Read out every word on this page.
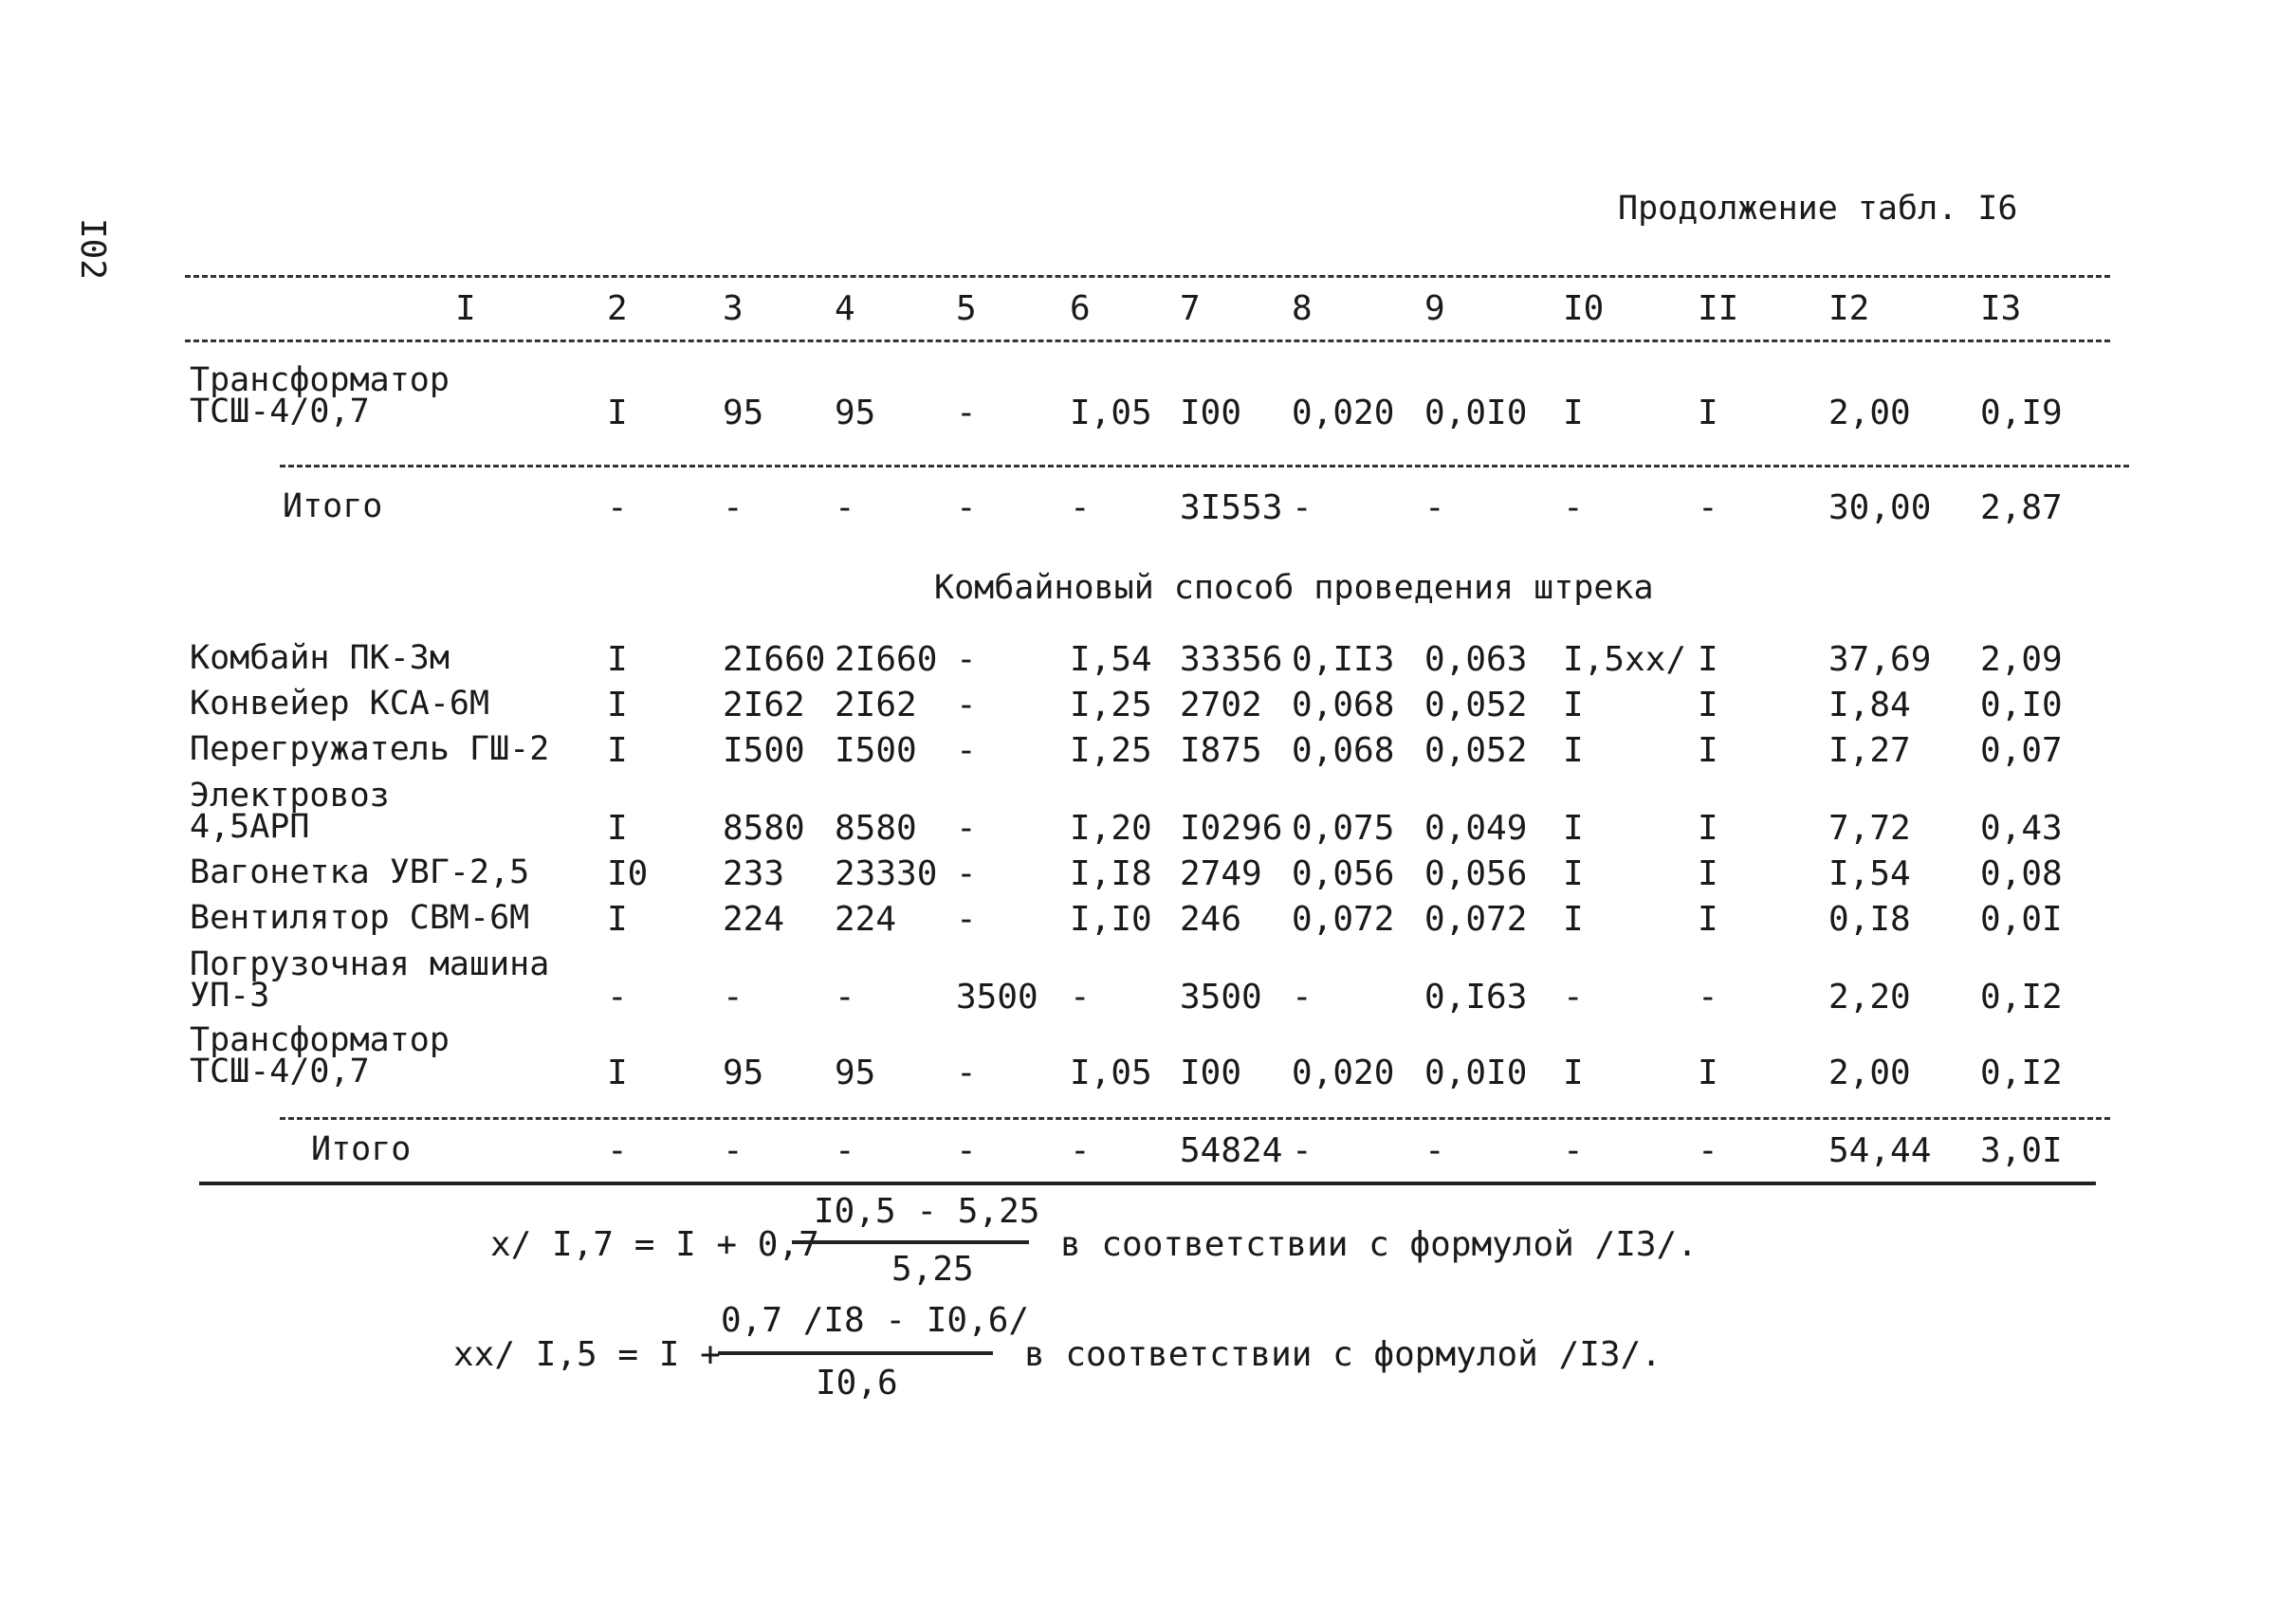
I02
Продолжение табл. I6
I	2	3	4	5	6	7	8	9	I0	II	I2	I3
Трансформатор
ТСШ-4/0,7	I	95 95 -	I,05 I00 0,020 0,0I0 I	I	2,00 0,I9
Итого	-	-	-	-	-	3I553 -	-	-	-	30,00 2,87
Комбайновый способ проведения штрека
Комбайн ПК-3м	I	2I660 2I660 -	I,54 33356 0,II3 0,063 I,5хх/ I	37,69 2,09
Конвейер КСА-6М	I	2I62 2I62 -	I,25 2702 0,068 0,052 I	I	I,84 0,I0
Перегружатель ГШ-2 I	I500 I500 -	I,25 I875 0,068 0,052 I	I	I,27 0,07
Электровоз
4,5АРП	I	8580 8580 -	I,20 I0296 0,075 0,049 I	I	7,72 0,43
Вагонетка УВГ-2,5 I0 233 23330 -	I,I8 2749 0,056 0,056 I	I	I,54 0,08
Вентилятор СВМ-6М I	224 224 -	I,I0 246 0,072 0,072 I	I	0,I8 0,0I
Погрузочная машина
УП-3	-	-	-	3500 -	3500 -	0,I63 -	-	2,20 0,I2
Трансформатор
ТСШ-4/0,7	I	95 95 -	I,05 I00 0,020 0,0I0 I	I	2,00 0,I2
Итого	-	-	-	-	-	54824 -	-	-	-	54,44 3,0I
х/ I,7 = I + 0,7
I0,5 - 5,25
5,25
в соответствии с формулой /I3/.
хх/ I,5 = I +
0,7 /I8 - I0,6/
I0,6
в соответствии с формулой /I3/.
